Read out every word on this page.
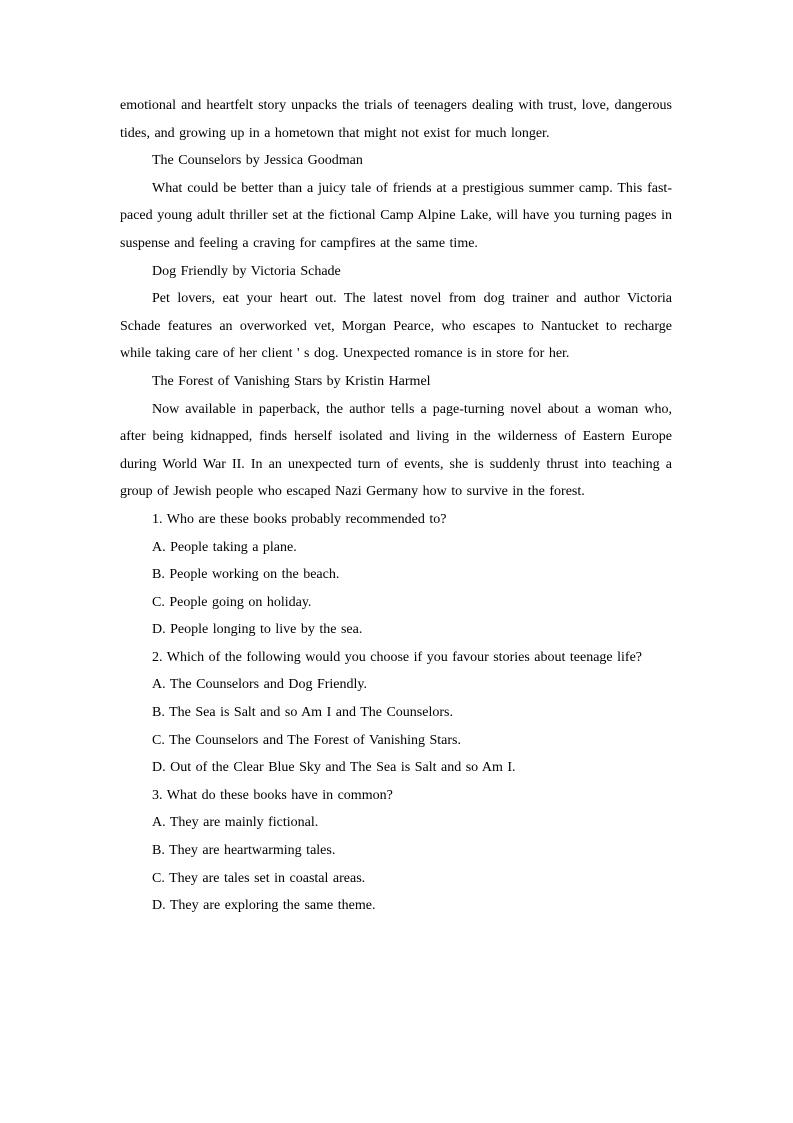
emotional and heartfelt story unpacks the trials of teenagers dealing with trust, love, dangerous tides, and growing up in a hometown that might not exist for much longer.

The Counselors by Jessica Goodman

What could be better than a juicy tale of friends at a prestigious summer camp. This fast-paced young adult thriller set at the fictional Camp Alpine Lake, will have you turning pages in suspense and feeling a craving for campfires at the same time.

Dog Friendly by Victoria Schade

Pet lovers, eat your heart out. The latest novel from dog trainer and author Victoria Schade features an overworked vet, Morgan Pearce, who escapes to Nantucket to recharge while taking care of her client ' s dog. Unexpected romance is in store for her.

The Forest of Vanishing Stars by Kristin Harmel

Now available in paperback, the author tells a page-turning novel about a woman who, after being kidnapped, finds herself isolated and living in the wilderness of Eastern Europe during World War II. In an unexpected turn of events, she is suddenly thrust into teaching a group of Jewish people who escaped Nazi Germany how to survive in the forest.

1. Who are these books probably recommended to?

A. People taking a plane.

B. People working on the beach.

C. People going on holiday.

D. People longing to live by the sea.

2. Which of the following would you choose if you favour stories about teenage life?

A. The Counselors and Dog Friendly.

B. The Sea is Salt and so Am I and The Counselors.

C. The Counselors and The Forest of Vanishing Stars.

D. Out of the Clear Blue Sky and The Sea is Salt and so Am I.

3. What do these books have in common?

A. They are mainly fictional.

B. They are heartwarming tales.

C. They are tales set in coastal areas.

D. They are exploring the same theme.
